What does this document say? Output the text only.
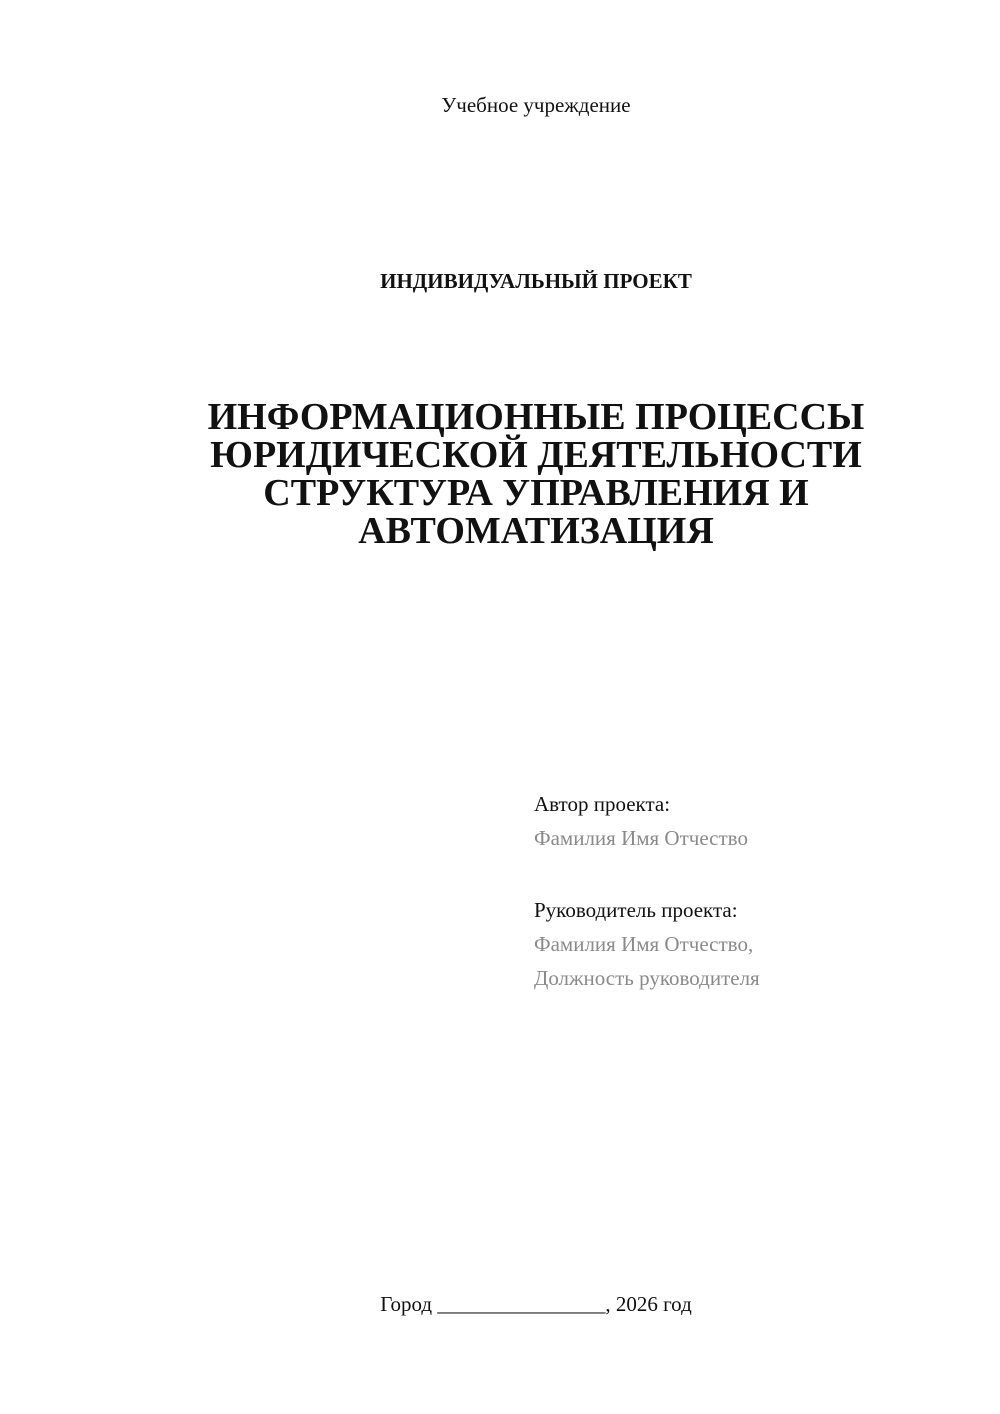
Учебное учреждение
ИНДИВИДУАЛЬНЫЙ ПРОЕКТ
ИНФОРМАЦИОННЫЕ ПРОЦЕССЫ
ЮРИДИЧЕСКОЙ ДЕЯТЕЛЬНОСТИ
СТРУКТУРА УПРАВЛЕНИЯ И
АВТОМАТИЗАЦИЯ
Автор проекта:
Фамилия Имя Отчество
Руководитель проекта:
Фамилия Имя Отчество,
Должность руководителя
Город ________________, 2026 год
